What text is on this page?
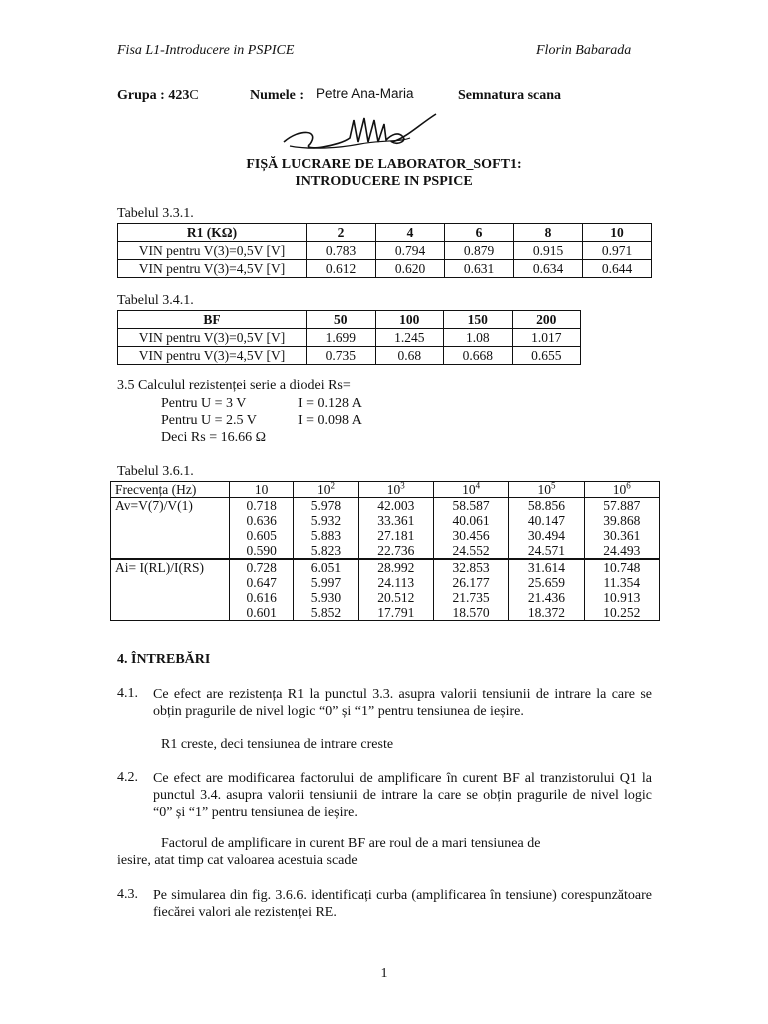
Fisa L1-Introducere in PSPICE	Florin Babarada
Grupa : 423C	Numele : Petre Ana-Maria	Semnatura scana
FIȘĂ LUCRARE DE LABORATOR_SOFT1:
INTRODUCERE IN PSPICE
Tabelul 3.3.1.
R1 (KΩ)	2	4	6	8	10
VIN pentru V(3)=0,5V [V]	0.783	0.794	0.879	0.915	0.971
VIN pentru V(3)=4,5V [V]	0.612	0.620	0.631	0.634	0.644
Tabelul 3.4.1.
BF	50	100	150	200
VIN pentru V(3)=0,5V [V]	1.699	1.245	1.08	1.017
VIN pentru V(3)=4,5V [V]	0.735	0.68	0.668	0.655
3.5 Calculul rezistenței serie a diodei Rs=
Pentru U = 3 V	I = 0.128 A
Pentru U = 2.5 V	I = 0.098 A
Deci Rs = 16.66 Ω
Tabelul 3.6.1.
Frecvența (Hz)	10	$10^2$	$10^3$	$10^4$	$10^5$	$10^6$
Av=V(7)/V(1)	0.718	5.978	42.003	58.587	58.856	57.887
	0.636	5.932	33.361	40.061	40.147	39.868
	0.605	5.883	27.181	30.456	30.494	30.361
	0.590	5.823	22.736	24.552	24.571	24.493
Ai= I(RL)/I(RS)	0.728	6.051	28.992	32.853	31.614	10.748
	0.647	5.997	24.113	26.177	25.659	11.354
	0.616	5.930	20.512	21.735	21.436	10.913
	0.601	5.852	17.791	18.570	18.372	10.252
4. ÎNTREBĂRI
4.1. Ce efect are rezistența R1 la punctul 3.3. asupra valorii tensiunii de intrare la care se obțin pragurile de nivel logic “0” și “1” pentru tensiunea de ieșire.
R1 creste, deci tensiunea de intrare creste
4.2. Ce efect are modificarea factorului de amplificare în curent BF al tranzistorului Q1 la punctul 3.4. asupra valorii tensiunii de intrare la care se obțin pragurile de nivel logic “0” și “1” pentru tensiunea de ieșire.
Factorul de amplificare in curent BF are roul de a mari tensiunea de
iesire, atat timp cat valoarea acestuia scade
4.3. Pe simularea din fig. 3.6.6. identificați curba (amplificarea în tensiune) corespunzătoare fiecărei valori ale rezistenței RE.
1
